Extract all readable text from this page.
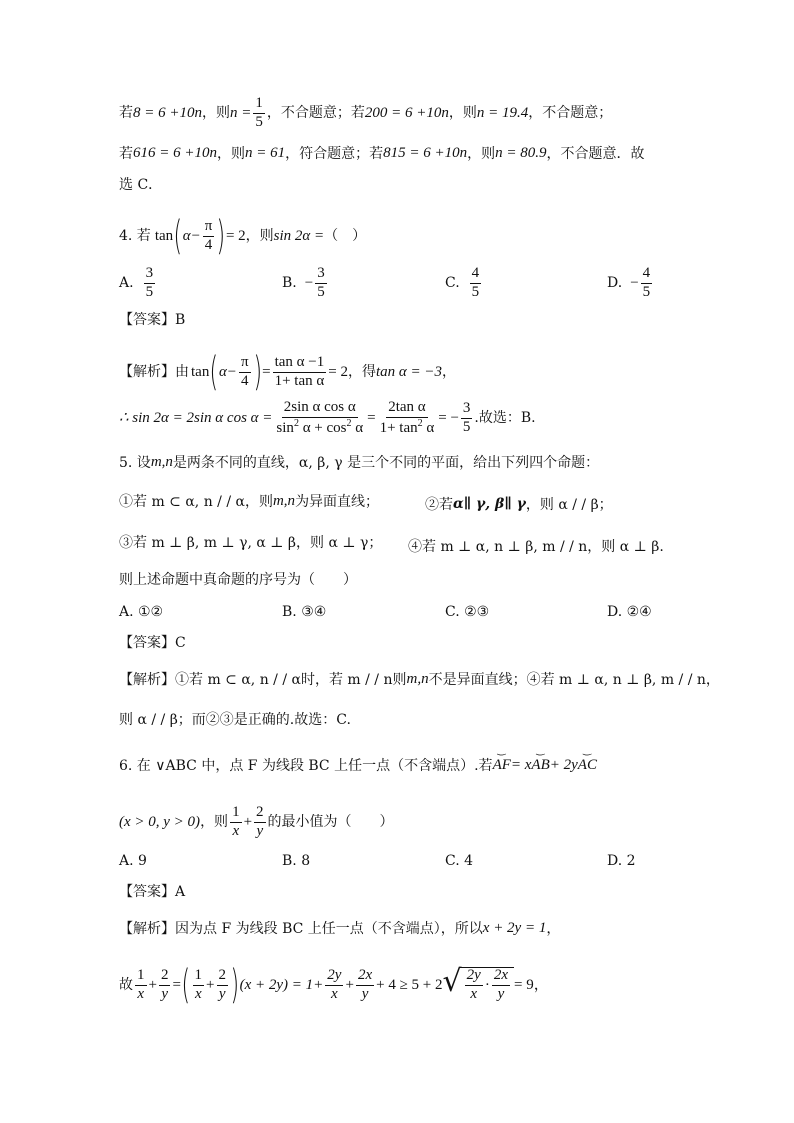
若 8 = 6 +10n ，则 $n = \frac{1}{5}$ ，不合题意；若 200 = 6 +10n ，则 n = 19.4 ，不合题意；
若 616 = 6 +10n ，则 n = 61 ，符合题意；若 815 = 6 +10n ，则 n = 80.9 ，不合题意．故
选 C．
4. 若 tan ( $\alpha- \frac{\pi}{4}$ ) = 2 ，则 sin 2α = （　）
A. $\frac{3}{5}$	B. − $\frac{3}{5}$	C. $\frac{4}{5}$	D. − $\frac{4}{5}$
【答案】B
【解析】 由 tan ( $\alpha- \frac{\pi}{4}$ ) = $\frac{\text{tan α −1}}{\text{1+ tan α}} = 2$ ，得 tan α = −3 ，
∴ sin 2α = 2sin α $\cos \alpha = \frac{\text{2sin α cos α}}{\sin^2 \alpha + \cos^2 \alpha} = \frac{\text{2tan α}}{1+ \tan^2 \alpha}$ = − $\frac{3}{5}$ .故选：B.
5. 设 m,n 是两条不同的直线，α, β, γ 是三个不同的平面，给出下列四个命题：
①若 m ⊂ α, n / / α，则 m,n 为异面直线；	②若 α∥ γ, β∥ γ ，则 α / / β；
③若 m ⊥ β, m ⊥ γ, α ⊥ β，则 α ⊥ γ； ④若 m ⊥ α, n ⊥ β, m / / n，则 α ⊥ β.
则上述命题中真命题的序号为（　　）
A. ①②	B. ③④	C. ②③	D. ②④
【答案】C
【解析】 ①若 m ⊂ α, n / / α时，若 m / / n则 m,n 不是异面直线；④若 m ⊥ α, n ⊥ β, m / / n，
则 α / / β；而②③是正确的.故选：C.
6. 在 ∨ABC 中，点 F 为线段 BC 上任一点（不含端点）.若 ‿ AF = x ‿ AB + 2y ‿ AC
(x > 0, y > 0) ，则 $\frac{1}{x} + \frac{2}{y}$ 的最小值为（　　）
A. 9	B. 8	C. 4	D. 2
【答案】A
【解析】 因为点 F 为线段 BC 上任一点（不含端点），所以 x + 2y = 1 ，
故 $\frac{1}{x} + \frac{2}{y}$ = ( $\frac{1}{x} + \frac{2}{y}$ ) $(x + 2y) = 1+ \frac{2y}{x} + \frac{2x}{y} + 4 \ge 5 + 2$ √ $\frac{2y}{x} \cdot \frac{2x}{y} = 9$，
